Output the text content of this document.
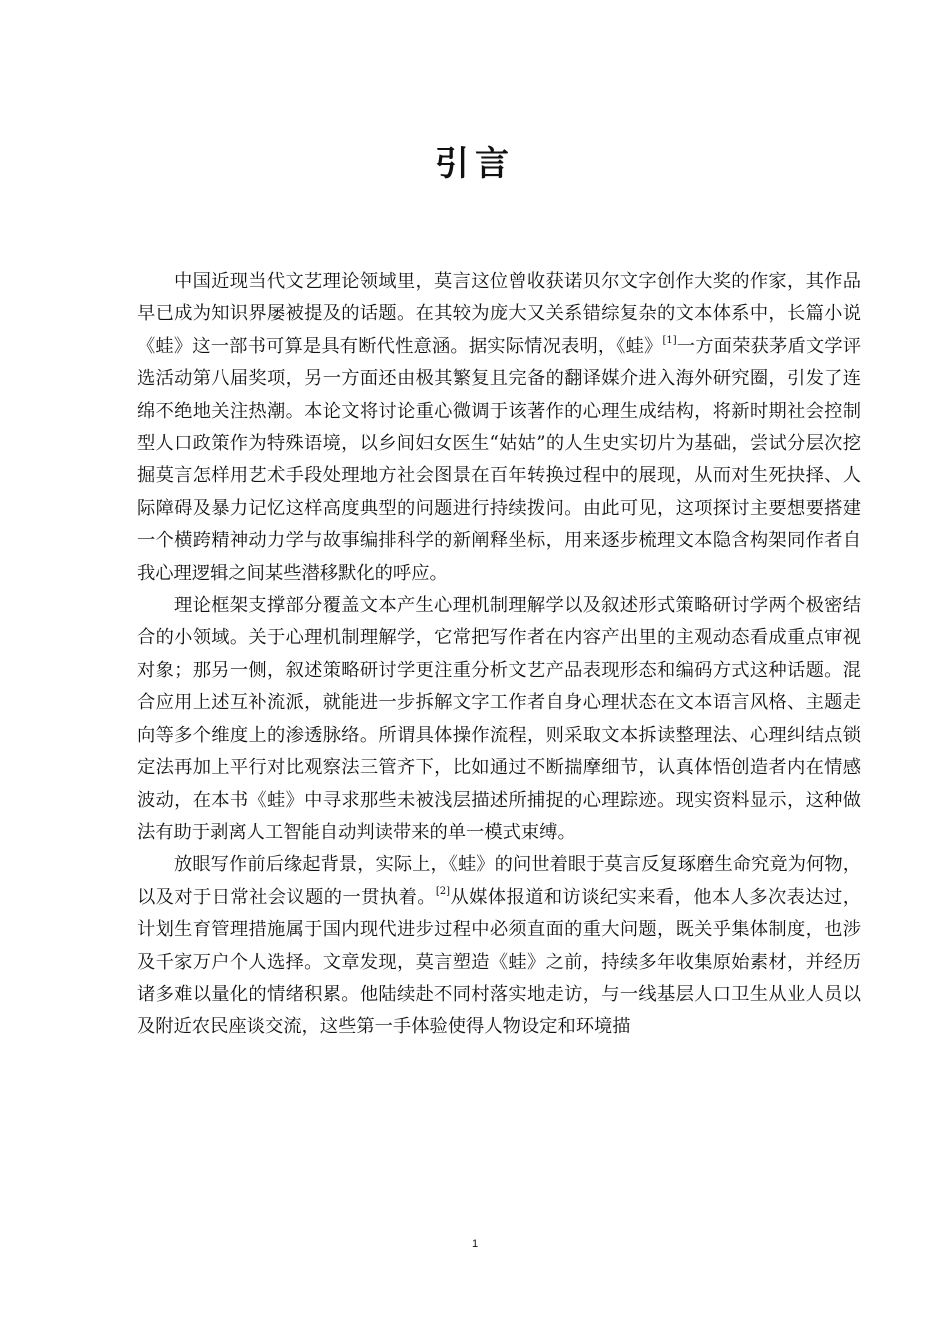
引言

中国近现当代文艺理论领域里，莫言这位曾收获诺贝尔文字创作大奖的作家，其作品早已成为知识界屡被提及的话题。在其较为庞大又关系错综复杂的文本体系中，长篇小说《蛙》这一部书可算是具有断代性意涵。据实际情况表明，《蛙》[1]一方面荣获茅盾文学评选活动第八届奖项，另一方面还由极其繁复且完备的翻译媒介进入海外研究圈，引发了连绵不绝地关注热潮。本论文将讨论重心微调于该著作的心理生成结构，将新时期社会控制型人口政策作为特殊语境，以乡间妇女医生“姑姑”的人生史实切片为基础，尝试分层次挖掘莫言怎样用艺术手段处理地方社会图景在百年转换过程中的展现，从而对生死抉择、人际障碍及暴力记忆这样高度典型的问题进行持续拨问。由此可见，这项探讨主要想要搭建一个横跨精神动力学与故事编排科学的新阐释坐标，用来逐步梳理文本隐含构架同作者自我心理逻辑之间某些潜移默化的呼应。

理论框架支撑部分覆盖文本产生心理机制理解学以及叙述形式策略研讨学两个极密结合的小领域。关于心理机制理解学，它常把写作者在内容产出里的主观动态看成重点审视对象；那另一侧，叙述策略研讨学更注重分析文艺产品表现形态和编码方式这种话题。混合应用上述互补流派，就能进一步拆解文字工作者自身心理状态在文本语言风格、主题走向等多个维度上的渗透脉络。所谓具体操作流程，则采取文本拆读整理法、心理纠结点锁定法再加上平行对比观察法三管齐下，比如通过不断揣摩细节，认真体悟创造者内在情感波动，在本书《蛙》中寻求那些未被浅层描述所捕捉的心理踪迹。现实资料显示，这种做法有助于剥离人工智能自动判读带来的单一模式束缚。

放眼写作前后缘起背景，实际上，《蛙》的问世着眼于莫言反复琢磨生命究竟为何物，以及对于日常社会议题的一贯执着。[2]从媒体报道和访谈纪实来看，他本人多次表达过，计划生育管理措施属于国内现代进步过程中必须直面的重大问题，既关乎集体制度，也涉及千家万户个人选择。文章发现，莫言塑造《蛙》之前，持续多年收集原始素材，并经历诸多难以量化的情绪积累。他陆续赴不同村落实地走访，与一线基层人口卫生从业人员以及附近农民座谈交流，这些第一手体验使得人物设定和环境描

1
